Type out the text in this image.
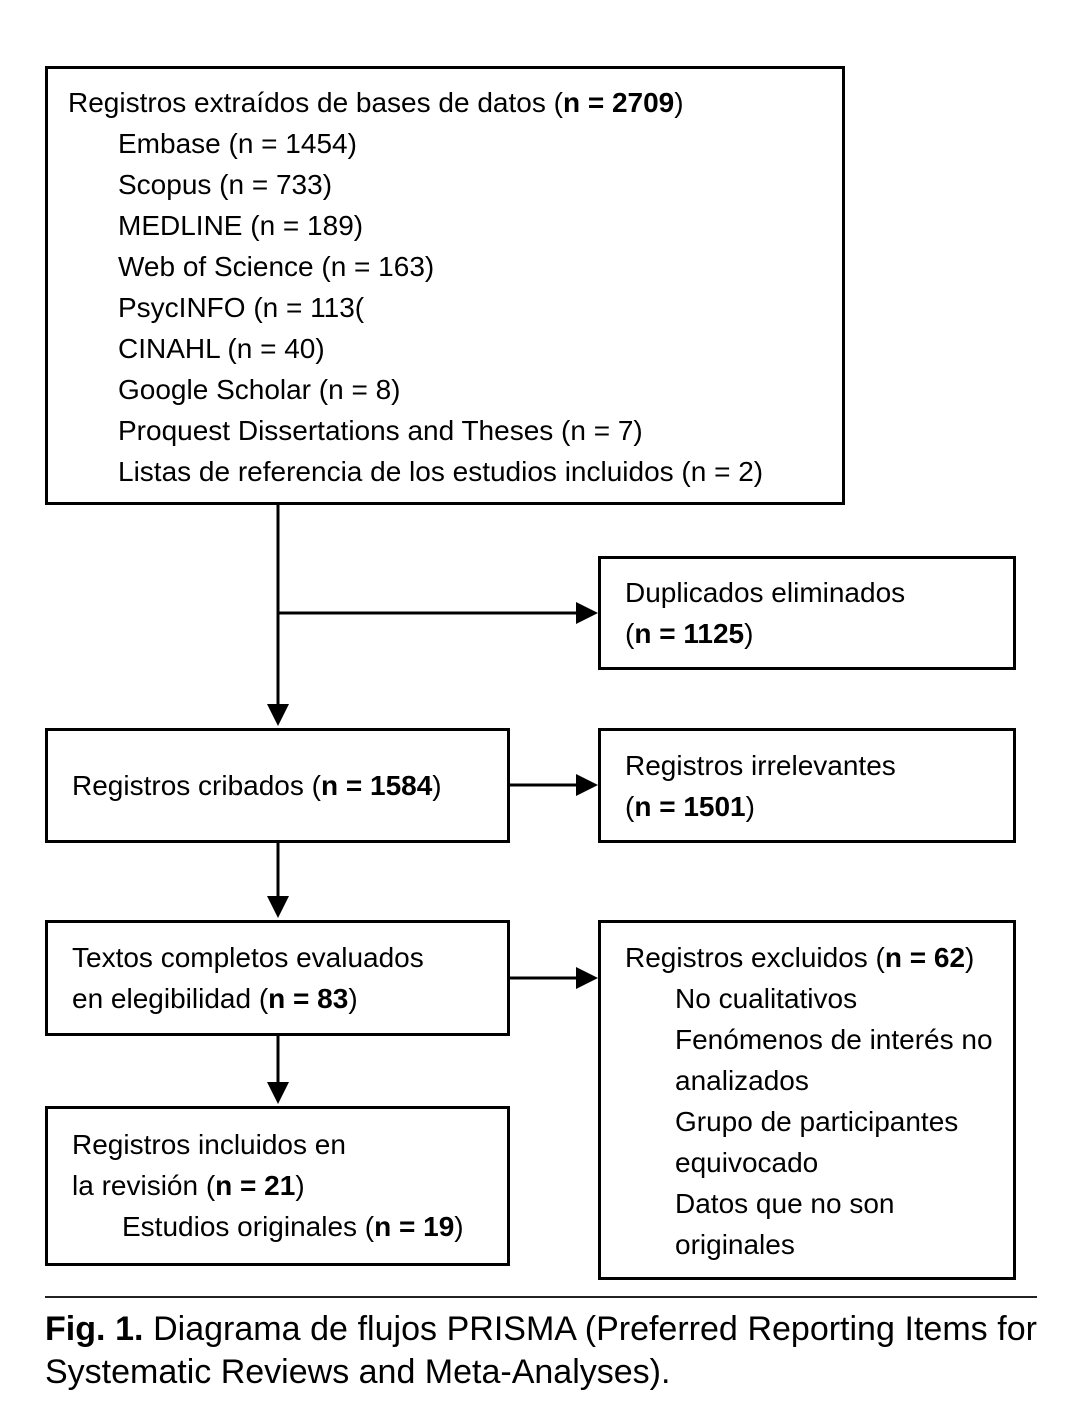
Registros extraídos de bases de datos (n = 2709)
Embase (n = 1454)
Scopus (n = 733)
MEDLINE (n = 189)
Web of Science (n = 163)
PsycINFO (n = 113(
CINAHL (n = 40)
Google Scholar (n = 8)
Proquest Dissertations and Theses (n = 7)
Listas de referencia de los estudios incluidos (n = 2)
Duplicados eliminados
(n = 1125)
Registros cribados (n = 1584)
Registros irrelevantes
(n = 1501)
Textos completos evaluados
en elegibilidad (n = 83)
Registros excluidos (n = 62)
No cualitativos
Fenómenos de interés no analizados
Grupo de participantes equivocado
Datos que no son originales
Registros incluidos en
la revisión (n = 21)
Estudios originales (n = 19)
Fig. 1. Diagrama de flujos PRISMA (Preferred Reporting Items for Systematic Reviews and Meta-Analyses).
